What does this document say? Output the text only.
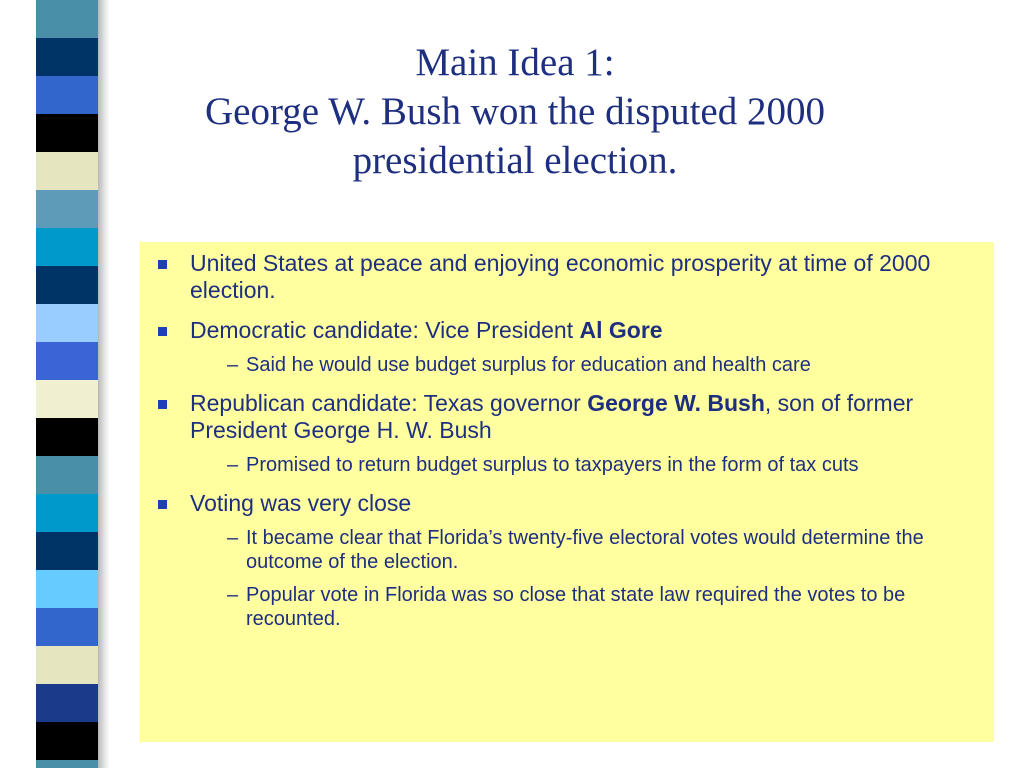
Main Idea 1:
George W. Bush won the disputed 2000
presidential election.
United States at peace and enjoying economic prosperity at time of 2000 election.
Democratic candidate: Vice President Al Gore
– Said he would use budget surplus for education and health care
Republican candidate: Texas governor George W. Bush, son of former President George H. W. Bush
– Promised to return budget surplus to taxpayers in the form of tax cuts
Voting was very close
– It became clear that Florida’s twenty-five electoral votes would determine the outcome of the election.
– Popular vote in Florida was so close that state law required the votes to be recounted.
